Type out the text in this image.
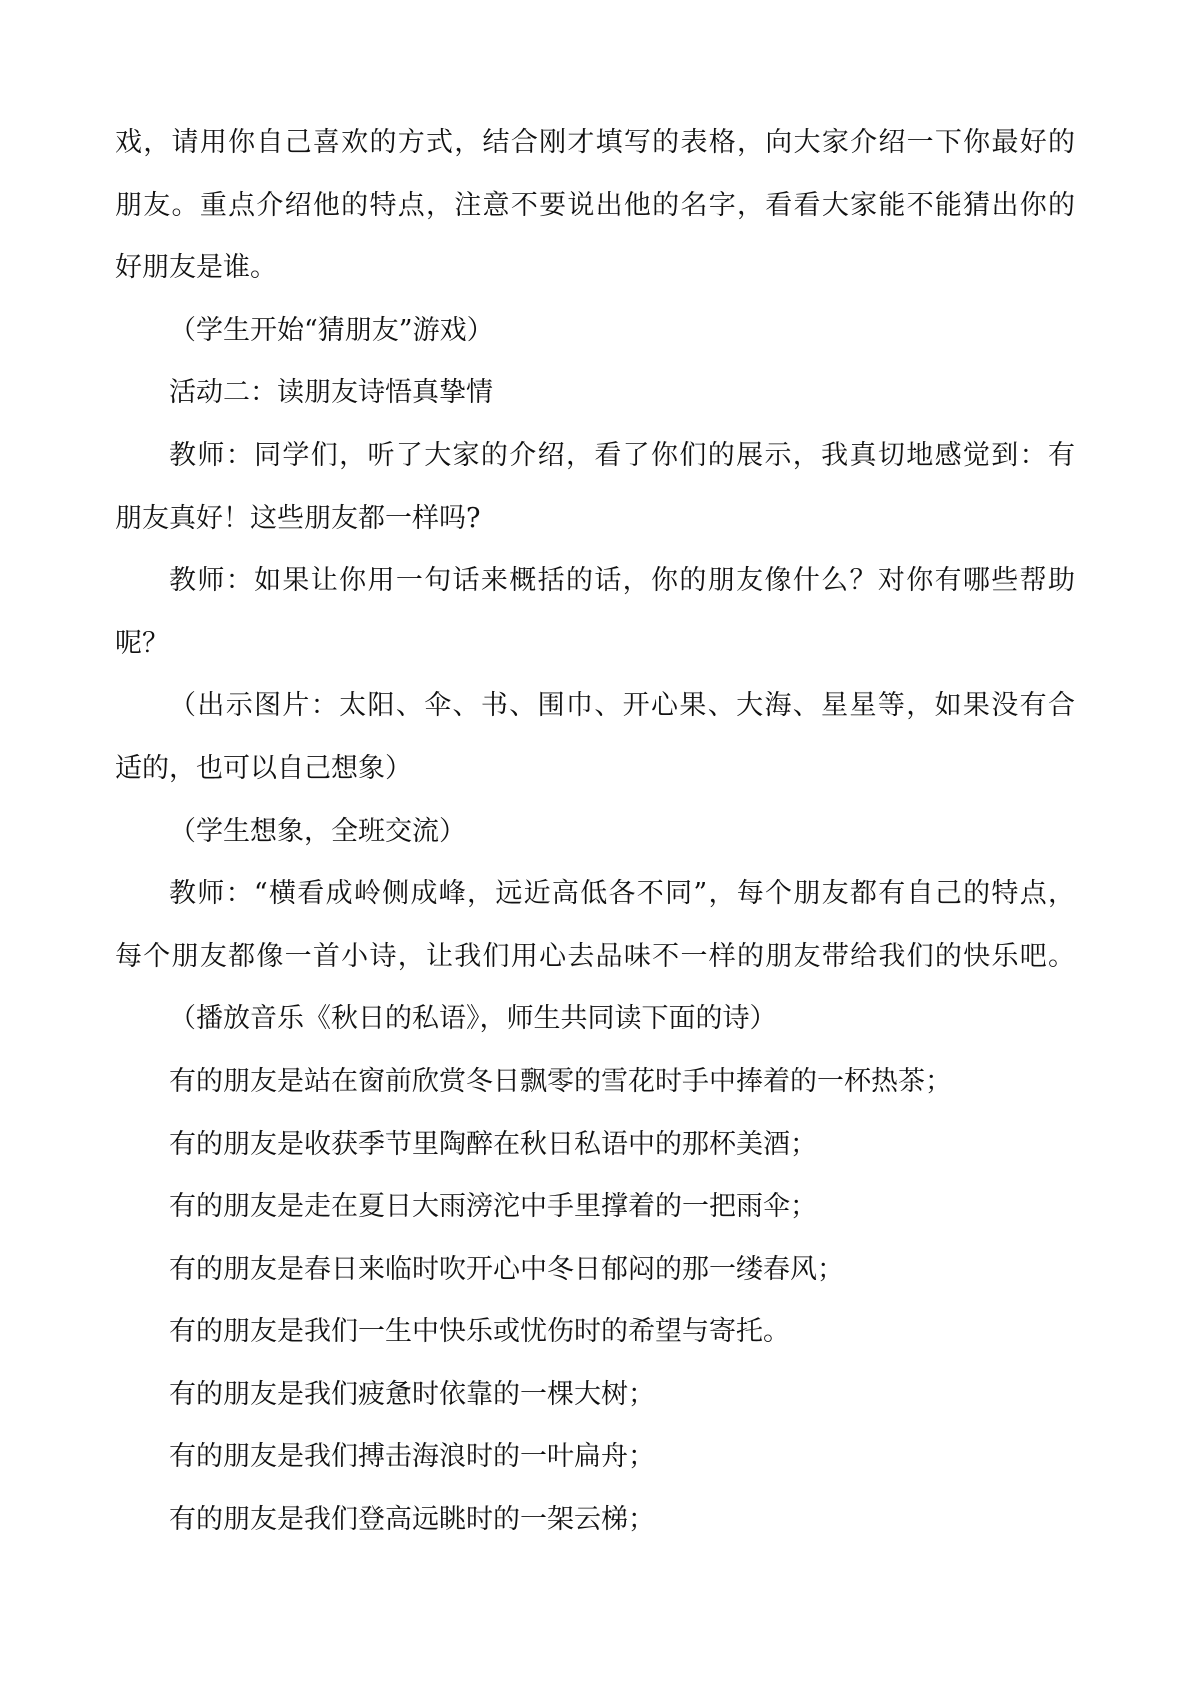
戏，请用你自己喜欢的方式，结合刚才填写的表格，向大家介绍一下你最好的
朋友。重点介绍他的特点，注意不要说出他的名字，看看大家能不能猜出你的
好朋友是谁。
（学生开始“猜朋友”游戏）
活动二：读朋友诗悟真挚情
教师：同学们，听了大家的介绍，看了你们的展示，我真切地感觉到：有
朋友真好！这些朋友都一样吗?
教师：如果让你用一句话来概括的话，你的朋友像什么？对你有哪些帮助
呢？
（出示图片：太阳、伞、书、围巾、开心果、大海、星星等，如果没有合
适的，也可以自己想象）
（学生想象，全班交流）
教师：“横看成岭侧成峰，远近高低各不同”，每个朋友都有自己的特点，
每个朋友都像一首小诗，让我们用心去品味不一样的朋友带给我们的快乐吧。
（播放音乐《秋日的私语》，师生共同读下面的诗）
有的朋友是站在窗前欣赏冬日飘零的雪花时手中捧着的一杯热茶；
有的朋友是收获季节里陶醉在秋日私语中的那杯美酒；
有的朋友是走在夏日大雨滂沱中手里撑着的一把雨伞；
有的朋友是春日来临时吹开心中冬日郁闷的那一缕春风；
有的朋友是我们一生中快乐或忧伤时的希望与寄托。
有的朋友是我们疲惫时依靠的一棵大树；
有的朋友是我们搏击海浪时的一叶扁舟；
有的朋友是我们登高远眺时的一架云梯；
